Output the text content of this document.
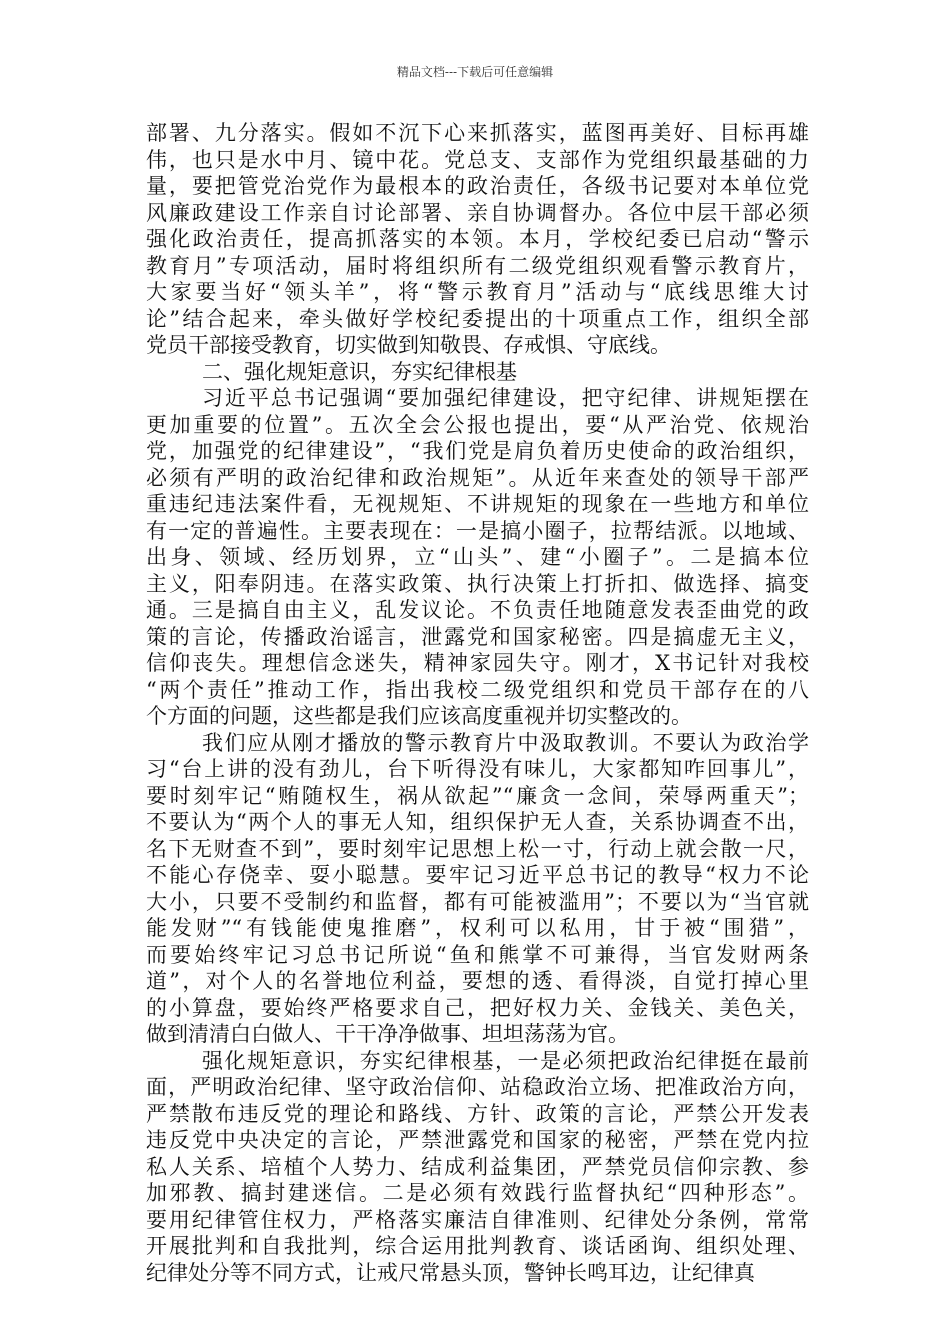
精品文档---下载后可任意编辑
部署、九分落实。假如不沉下心来抓落实，蓝图再美好、目标再雄
伟，也只是水中月、镜中花。党总支、支部作为党组织最基础的力
量，要把管党治党作为最根本的政治责任，各级书记要对本单位党
风廉政建设工作亲自讨论部署、亲自协调督办。各位中层干部必须
强化政治责任，提高抓落实的本领。本月，学校纪委已启动“警示
教育月”专项活动，届时将组织所有二级党组织观看警示教育片，
大家要当好“领头羊”，将“警示教育月”活动与“底线思维大讨
论”结合起来，牵头做好学校纪委提出的十项重点工作，组织全部
党员干部接受教育，切实做到知敬畏、存戒惧、守底线。
二、强化规矩意识，夯实纪律根基
习近平总书记强调“要加强纪律建设，把守纪律、讲规矩摆在
更加重要的位置”。五次全会公报也提出，要“从严治党、依规治
党，加强党的纪律建设”，“我们党是肩负着历史使命的政治组织，
必须有严明的政治纪律和政治规矩”。从近年来查处的领导干部严
重违纪违法案件看，无视规矩、不讲规矩的现象在一些地方和单位
有一定的普遍性。主要表现在：一是搞小圈子，拉帮结派。以地域、
出身、领域、经历划界，立“山头”、建“小圈子”。二是搞本位
主义，阳奉阴违。在落实政策、执行决策上打折扣、做选择、搞变
通。三是搞自由主义，乱发议论。不负责任地随意发表歪曲党的政
策的言论，传播政治谣言，泄露党和国家秘密。四是搞虚无主义，
信仰丧失。理想信念迷失，精神家园失守。刚才，X书记针对我校
“两个责任”推动工作，指出我校二级党组织和党员干部存在的八
个方面的问题，这些都是我们应该高度重视并切实整改的。
我们应从刚才播放的警示教育片中汲取教训。不要认为政治学
习“台上讲的没有劲儿，台下听得没有味儿，大家都知咋回事儿”，
要时刻牢记“贿随权生，祸从欲起”“廉贪一念间，荣辱两重天”；
不要认为“两个人的事无人知，组织保护无人查，关系协调查不出，
名下无财查不到”，要时刻牢记思想上松一寸，行动上就会散一尺，
不能心存侥幸、耍小聪慧。要牢记习近平总书记的教导“权力不论
大小，只要不受制约和监督，都有可能被滥用”；不要以为“当官就
能发财”“有钱能使鬼推磨”，权利可以私用，甘于被“围猎”，
而要始终牢记习总书记所说“鱼和熊掌不可兼得，当官发财两条
道”，对个人的名誉地位利益，要想的透、看得淡，自觉打掉心里
的小算盘，要始终严格要求自己，把好权力关、金钱关、美色关，
做到清清白白做人、干干净净做事、坦坦荡荡为官。
强化规矩意识，夯实纪律根基，一是必须把政治纪律挺在最前
面，严明政治纪律、坚守政治信仰、站稳政治立场、把准政治方向，
严禁散布违反党的理论和路线、方针、政策的言论，严禁公开发表
违反党中央决定的言论，严禁泄露党和国家的秘密，严禁在党内拉
私人关系、培植个人势力、结成利益集团，严禁党员信仰宗教、参
加邪教、搞封建迷信。二是必须有效践行监督执纪“四种形态”。
要用纪律管住权力，严格落实廉洁自律准则、纪律处分条例，常常
开展批判和自我批判，综合运用批判教育、谈话函询、组织处理、
纪律处分等不同方式，让戒尺常悬头顶，警钟长鸣耳边，让纪律真
